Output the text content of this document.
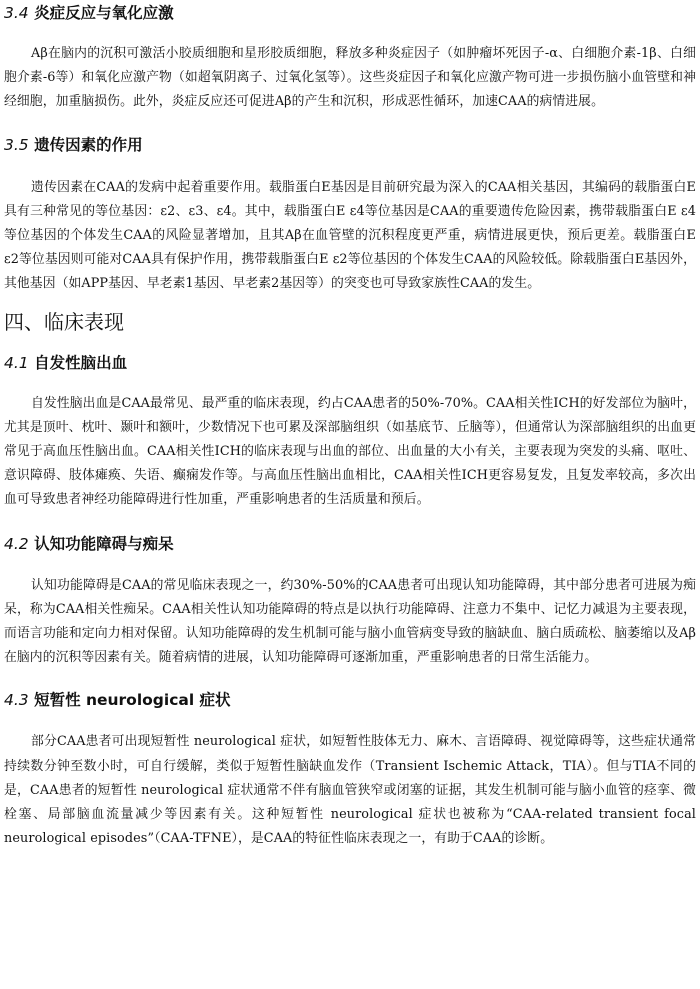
3.4 炎症反应与氧化应激

Aβ在脑内的沉积可激活小胶质细胞和星形胶质细胞，释放多种炎症因子（如肿瘤坏死因子-α、白细胞介素-1β、白细胞介素-6等）和氧化应激产物（如超氧阴离子、过氧化氢等）。这些炎症因子和氧化应激产物可进一步损伤脑小血管壁和神经细胞，加重脑损伤。此外，炎症反应还可促进Aβ的产生和沉积，形成恶性循环，加速CAA的病情进展。

3.5 遗传因素的作用

遗传因素在CAA的发病中起着重要作用。载脂蛋白E基因是目前研究最为深入的CAA相关基因，其编码的载脂蛋白E具有三种常见的等位基因：ε2、ε3、ε4。其中，载脂蛋白E ε4等位基因是CAA的重要遗传危险因素，携带载脂蛋白E ε4等位基因的个体发生CAA的风险显著增加，且其Aβ在血管壁的沉积程度更严重，病情进展更快，预后更差。载脂蛋白E ε2等位基因则可能对CAA具有保护作用，携带载脂蛋白E ε2等位基因的个体发生CAA的风险较低。除载脂蛋白E基因外，其他基因（如APP基因、早老素1基因、早老素2基因等）的突变也可导致家族性CAA的发生。

四、临床表现
4.1 自发性脑出血

自发性脑出血是CAA最常见、最严重的临床表现，约占CAA患者的50%-70%。CAA相关性ICH的好发部位为脑叶，尤其是顶叶、枕叶、颞叶和额叶，少数情况下也可累及深部脑组织（如基底节、丘脑等），但通常认为深部脑组织的出血更常见于高血压性脑出血。CAA相关性ICH的临床表现与出血的部位、出血量的大小有关，主要表现为突发的头痛、呕吐、意识障碍、肢体瘫痪、失语、癫痫发作等。与高血压性脑出血相比，CAA相关性ICH更容易复发，且复发率较高，多次出血可导致患者神经功能障碍进行性加重，严重影响患者的生活质量和预后。

4.2 认知功能障碍与痴呆

认知功能障碍是CAA的常见临床表现之一，约30%-50%的CAA患者可出现认知功能障碍，其中部分患者可进展为痴呆，称为CAA相关性痴呆。CAA相关性认知功能障碍的特点是以执行功能障碍、注意力不集中、记忆力减退为主要表现，而语言功能和定向力相对保留。认知功能障碍的发生机制可能与脑小血管病变导致的脑缺血、脑白质疏松、脑萎缩以及Aβ在脑内的沉积等因素有关。随着病情的进展，认知功能障碍可逐渐加重，严重影响患者的日常生活能力。

4.3 短暂性 neurological 症状

部分CAA患者可出现短暂性 neurological 症状，如短暂性肢体无力、麻木、言语障碍、视觉障碍等，这些症状通常持续数分钟至数小时，可自行缓解，类似于短暂性脑缺血发作（Transient Ischemic Attack，TIA）。但与TIA不同的是，CAA患者的短暂性 neurological 症状通常不伴有脑血管狭窄或闭塞的证据，其发生机制可能与脑小血管的痉挛、微栓塞、局部脑血流量减少等因素有关。这种短暂性 neurological 症状也被称为“CAA-related transient focal neurological episodes”（CAA-TFNE），是CAA的特征性临床表现之一，有助于CAA的诊断。
